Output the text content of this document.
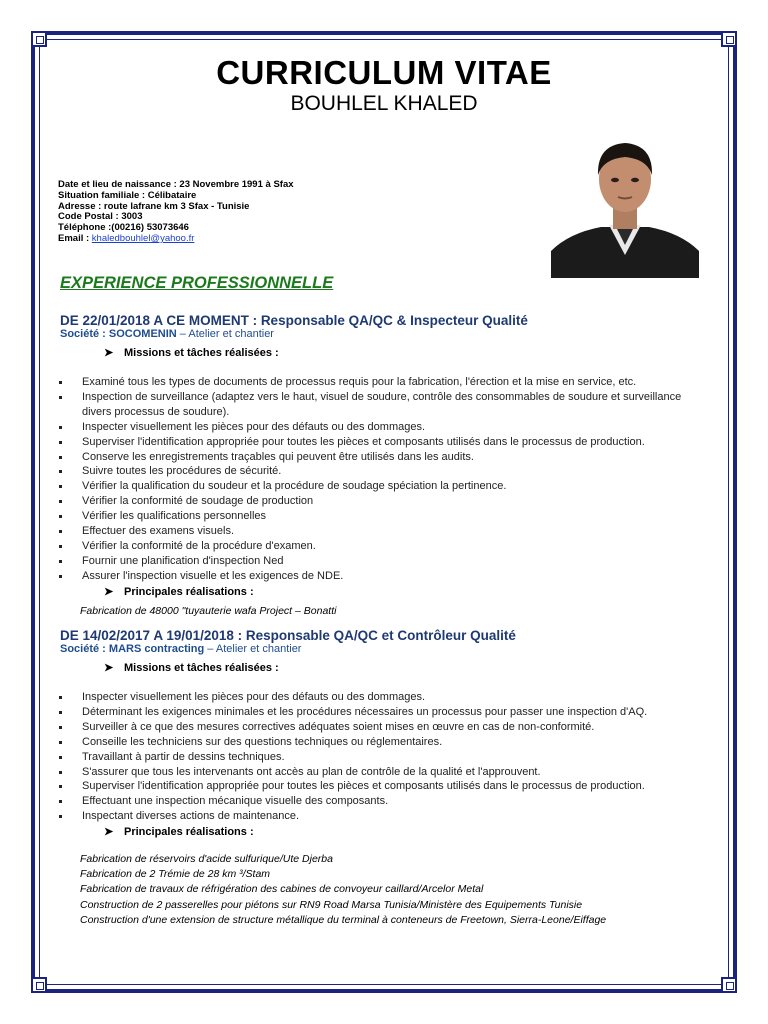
CURRICULUM VITAE
BOUHLEL KHALED
Date et lieu de naissance : 23 Novembre 1991 à Sfax
Situation familiale : Célibataire
Adresse : route lafrane km 3 Sfax - Tunisie
Code Postal : 3003
Téléphone :(00216) 53073646
Email : khaledbouhlel@yahoo.fr
EXPERIENCE PROFESSIONNELLE
DE 22/01/2018 A CE MOMENT : Responsable QA/QC & Inspecteur Qualité
Société : SOCOMENIN – Atelier et chantier
➤ Missions et tâches réalisées :
Examiné tous les types de documents de processus requis pour la fabrication, l'érection et la mise en service, etc.
Inspection de surveillance (adaptez vers le haut, visuel de soudure, contrôle des consommables de soudure et surveillance divers processus de soudure).
Inspecter visuellement les pièces pour des défauts ou des dommages.
Superviser l'identification appropriée pour toutes les pièces et composants utilisés dans le processus de production.
Conserve les enregistrements traçables qui peuvent être utilisés dans les audits.
Suivre toutes les procédures de sécurité.
Vérifier la qualification du soudeur et la procédure de soudage spéciation la pertinence.
Vérifier la conformité de soudage de production
Vérifier les qualifications personnelles
Effectuer des examens visuels.
Vérifier la conformité de la procédure d'examen.
Fournir une planification d'inspection Ned
Assurer l'inspection visuelle et les exigences de NDE.
➤ Principales réalisations :
Fabrication de 48000 "tuyauterie wafa Project – Bonatti
DE 14/02/2017 A 19/01/2018 : Responsable QA/QC et Contrôleur Qualité
Société : MARS contracting – Atelier et chantier
➤ Missions et tâches réalisées :
Inspecter visuellement les pièces pour des défauts ou des dommages.
Déterminant les exigences minimales et les procédures nécessaires un processus pour passer une inspection d'AQ.
Surveiller à ce que des mesures correctives adéquates soient mises en œuvre en cas de non-conformité.
Conseille les techniciens sur des questions techniques ou réglementaires.
Travaillant à partir de dessins techniques.
S'assurer que tous les intervenants ont accès au plan de contrôle de la qualité et l'approuvent.
Superviser l'identification appropriée pour toutes les pièces et composants utilisés dans le processus de production.
Effectuant une inspection mécanique visuelle des composants.
Inspectant diverses actions de maintenance.
➤ Principales réalisations :
Fabrication de réservoirs d'acide sulfurique/Ute Djerba
Fabrication de 2 Trémie de 28 km ³/Stam
Fabrication de travaux de réfrigération des cabines de convoyeur caillard/Arcelor Metal
Construction de 2 passerelles pour piétons sur RN9 Road Marsa Tunisia/Ministère des Equipements Tunisie
Construction d'une extension de structure métallique du terminal à conteneurs de Freetown, Sierra-Leone/Eiffage
